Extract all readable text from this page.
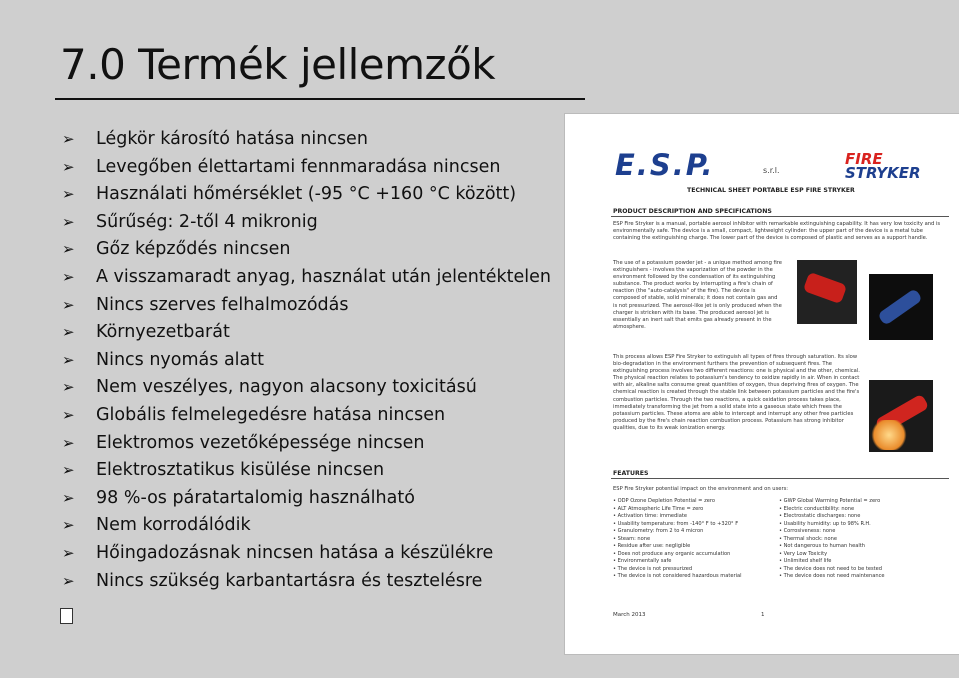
7.0 Termék jellemzők
➢	Légkör károsító hatása nincsen
➢	Levegőben élettartami fennmaradása nincsen
➢	Használati hőmérséklet (-95 °C +160 °C között)
➢	Sűrűség: 2-től 4 mikronig
➢	Gőz képződés nincsen
➢	A visszamaradt anyag, használat után jelentéktelen
➢	Nincs szerves felhalmozódás
➢	Környezetbarát
➢	Nincs nyomás alatt
➢	Nem veszélyes, nagyon alacsony toxicitású
➢	Globális felmelegedésre hatása nincsen
➢	Elektromos vezetőképessége nincsen
➢	Elektrosztatikus kisülése nincsen
➢	98 %-os páratartalomig használható
➢	Nem korrodálódik
➢	Hőingadozásnak nincsen hatása a készülékre
➢	Nincs szükség karbantartásra és tesztelésre
E.S.P.	s.r.l.
FIRE
STRYKER
TECHNICAL SHEET PORTABLE ESP FIRE STRYKER
PRODUCT DESCRIPTION AND SPECIFICATIONS
ESP Fire Stryker is a manual, portable aerosol inhibitor with remarkable extinguishing capability. It has very low toxicity and is environmentally safe. The device is a small, compact, lightweight cylinder: the upper part of the device is a metal tube containing the extinguishing charge. The lower part of the device is composed of plastic and serves as a support handle.
The use of a potassium powder jet - a unique method among fire extinguishers - involves the vaporization of the powder in the environment followed by the condensation of its extinguishing substance. The product works by interrupting a fire's chain of reaction (the "auto-catalysis" of the fire). The device is composed of stable, solid minerals; it does not contain gas and is not pressurized. The aerosol-like jet is only produced when the charger is stricken with its base. The produced aerosol jet is essentially an inert salt that emits gas already present in the atmosphere.
This process allows ESP Fire Stryker to extinguish all types of fires through saturation. Its slow bio-degradation in the environment furthers the prevention of subsequent fires. The extinguishing process involves two different reactions: one is physical and the other, chemical. The physical reaction relates to potassium's tendency to oxidize rapidly in air. When in contact with air, alkaline salts consume great quantities of oxygen, thus depriving fires of oxygen. The chemical reaction is created through the stable link between potassium particles and the fire's combustion particles. Through the two reactions, a quick oxidation process takes place, immediately transforming the jet from a solid state into a gaseous state which frees the potassium particles. These atoms are able to intercept and interrupt any other free particles produced by the fire's chain reaction combustion process. Potassium has strong inhibitor qualities, due to its weak ionization energy.
FEATURES
ESP Fire Stryker potential impact on the environment and on users:
• ODP Ozone Depletion Potential = zero
• ALT Atmospheric Life Time = zero
• Activation time: immediate
• Usability temperature: from -140° F to +320° F
• Granulometry: from 2 to 4 micron
• Steam: none
• Residue after use: negligible
• Does not produce any organic accumulation
• Environmentally safe
• The device is not pressurized
• The device is not considered hazardous material
• GWP Global Warming Potential = zero
• Electric conductibility: none
• Electrostatic discharges: none
• Usability humidity: up to 98% R.H.
• Corrosiveness: none
• Thermal shock: none
• Not dangerous to human health
• Very Low Toxicity
• Unlimited shelf life
• The device does not need to be tested
• The device does not need maintenance
March 2013	1
